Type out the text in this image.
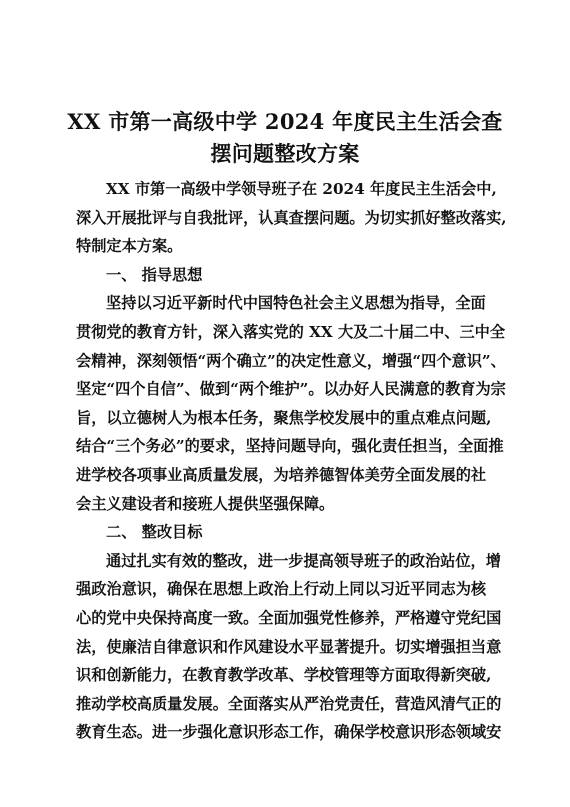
XX 市第一高级中学 2024 年度民主生活会查
摆问题整改方案
XX 市第一高级中学领导班子在 2024 年度民主生活会中,
深入开展批评与自我批评，认真查摆问题。为切实抓好整改落实,
特制定本方案。
一、 指导思想
坚持以习近平新时代中国特色社会主义思想为指导，全面
贯彻党的教育方针，深入落实党的 XX 大及二十届二中、三中全
会精神，深刻领悟“两个确立”的决定性意义，增强“四个意识”、
坚定“四个自信”、做到“两个维护”。以办好人民满意的教育为宗
旨，以立德树人为根本任务，聚焦学校发展中的重点难点问题,
结合“三个务必”的要求，坚持问题导向，强化责任担当，全面推
进学校各项事业高质量发展，为培养德智体美劳全面发展的社
会主义建设者和接班人提供坚强保障。
二、 整改目标
通过扎实有效的整改，进一步提高领导班子的政治站位，增
强政治意识，确保在思想上政治上行动上同以习近平同志为核
心的党中央保持高度一致。全面加强党性修养，严格遵守党纪国
法，使廉洁自律意识和作风建设水平显著提升。切实增强担当意
识和创新能力，在教育教学改革、学校管理等方面取得新突破,
推动学校高质量发展。全面落实从严治党责任，营造风清气正的
教育生态。进一步强化意识形态工作，确保学校意识形态领域安
